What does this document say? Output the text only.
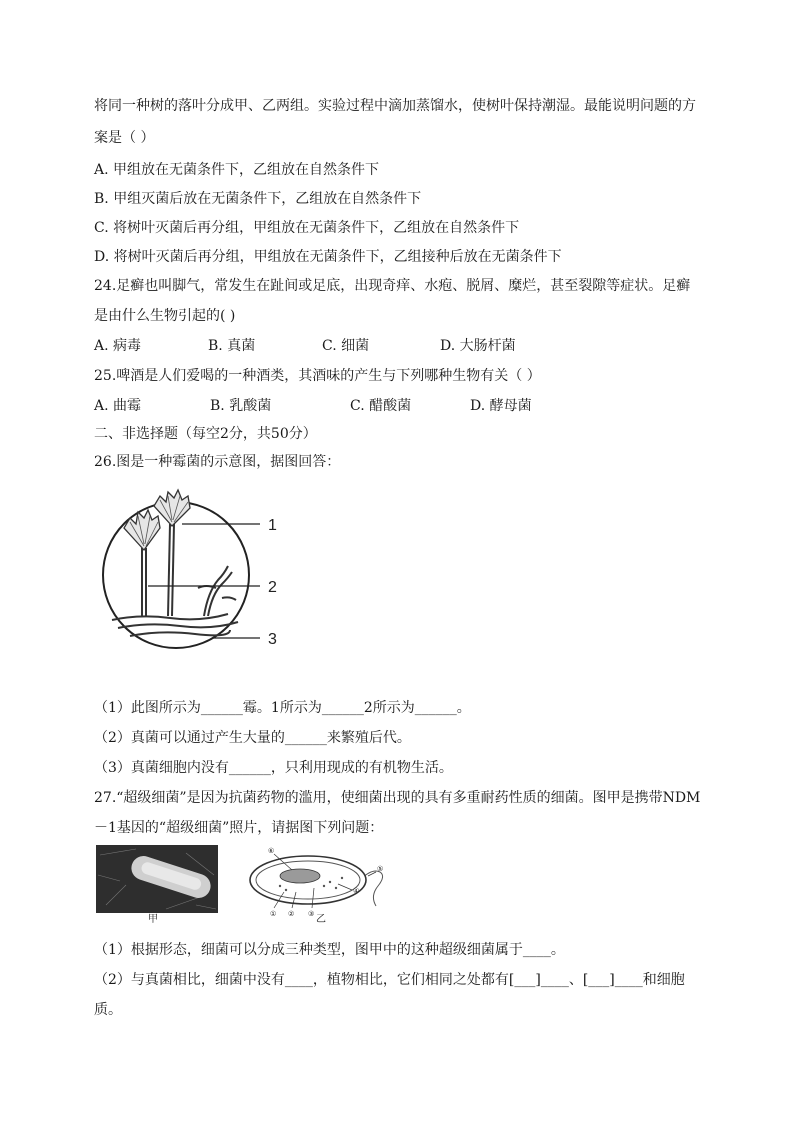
将同一种树的落叶分成甲、乙两组。实验过程中滴加蒸馏水，使树叶保持潮湿。最能说明问题的方
案是（ ）
A. 甲组放在无菌条件下，乙组放在自然条件下
B. 甲组灭菌后放在无菌条件下，乙组放在自然条件下
C. 将树叶灭菌后再分组，甲组放在无菌条件下，乙组放在自然条件下
D. 将树叶灭菌后再分组，甲组放在无菌条件下，乙组接种后放在无菌条件下
24.足癣也叫脚气，常发生在趾间或足底，出现奇痒、水疱、脱屑、糜烂，甚至裂隙等症状。足癣
是由什么生物引起的( )
A. 病毒	B. 真菌	C. 细菌	D. 大肠杆菌
25.啤酒是人们爱喝的一种酒类，其酒味的产生与下列哪种生物有关（ ）
A. 曲霉	B. 乳酸菌	C. 醋酸菌	D. 酵母菌
二、非选择题（每空2分，共50分）
26.图是一种霉菌的示意图，据图回答：
1
2
3
（1）此图所示为______霉。1所示为______2所示为______。
（2）真菌可以通过产生大量的______来繁殖后代。
（3）真菌细胞内没有______，只利用现成的有机物生活。
27.“超级细菌”是因为抗菌药物的滥用，使细菌出现的具有多重耐药性质的细菌。图甲是携带NDM
－1基因的“超级细菌”照片，请据图下列问题：
甲
⑥
① ② ③
④
⑤
乙
（1）根据形态，细菌可以分成三种类型，图甲中的这种超级细菌属于____。
（2）与真菌相比，细菌中没有____，植物相比，它们相同之处都有[___]____、[___]____和细胞
质。
